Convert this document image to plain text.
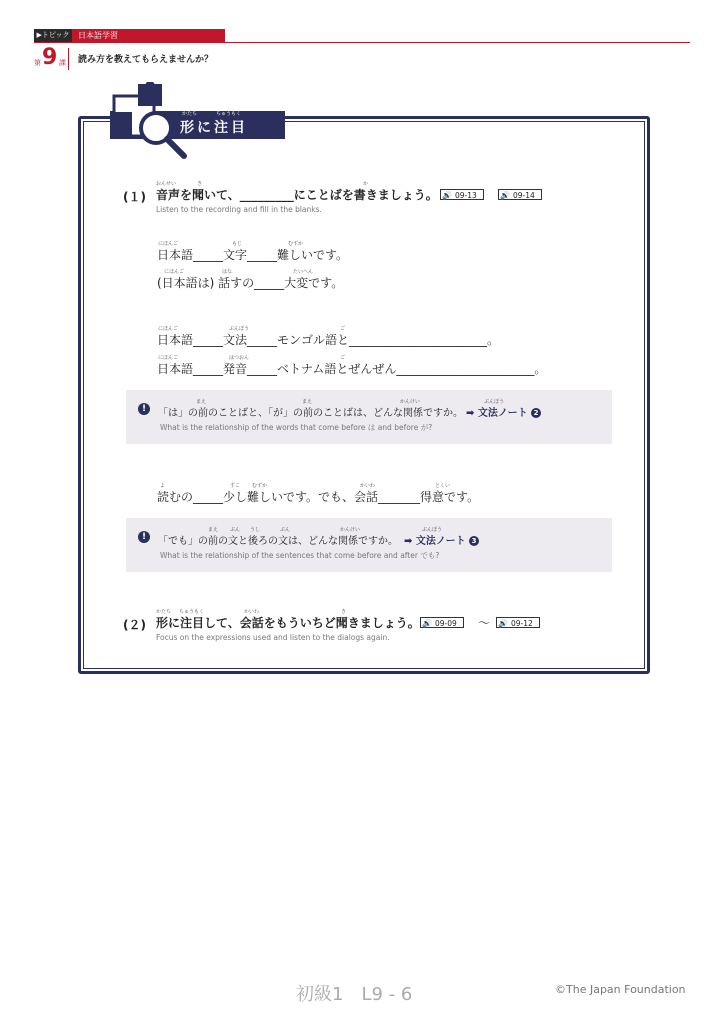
▶トピック	日本語学習
第 9 課 読み方を教えてもらえませんか？
かたち	ちゅうもく
形に注目
(１)
おんせい	き	か
音声を聞いて、_________にことばを書きましょう。 🔊 09-13	🔊 09-14
Listen to the recording and fill in the blanks.
にほんご	もじ	むずか
日本語_____文字_____難しいです。
にほんご	はな	たいへん
(日本語は) 話すの_____大変です。
にほんご	ぶんぽう	ご
日本語_____文法_____モンゴル語と_______________________。
にほんご	はつおん	ご
日本語_____発音_____ベトナム語とぜんぜん_______________________。
!
まえ	まえ	かんけい
「は」の前のことばと、「が」の前のことばは、どんな関係ですか。
ぶんぽう
➡ 文法ノート 2
What is the relationship of the words that come before は and before が?
よ	すこ むずか	かいわ	とくい
読むの_____少し難しいです。でも、会話_______得意です。
!
まえ ぶん うし	ぶん	かんけい
「でも」の前の文と後ろの文は、どんな関係ですか。
ぶんぽう
➡ 文法ノート 3
What is the relationship of the sentences that come before and after でも?
(２)
かたち ちゅうもく	かいわ	き
形に注目して、会話をもういちど聞きましょう。 🔊 09-09	〜 🔊 09-12
Focus on the expressions used and listen to the dialogs again.
初級1　L9 - 6	©The Japan Foundation
